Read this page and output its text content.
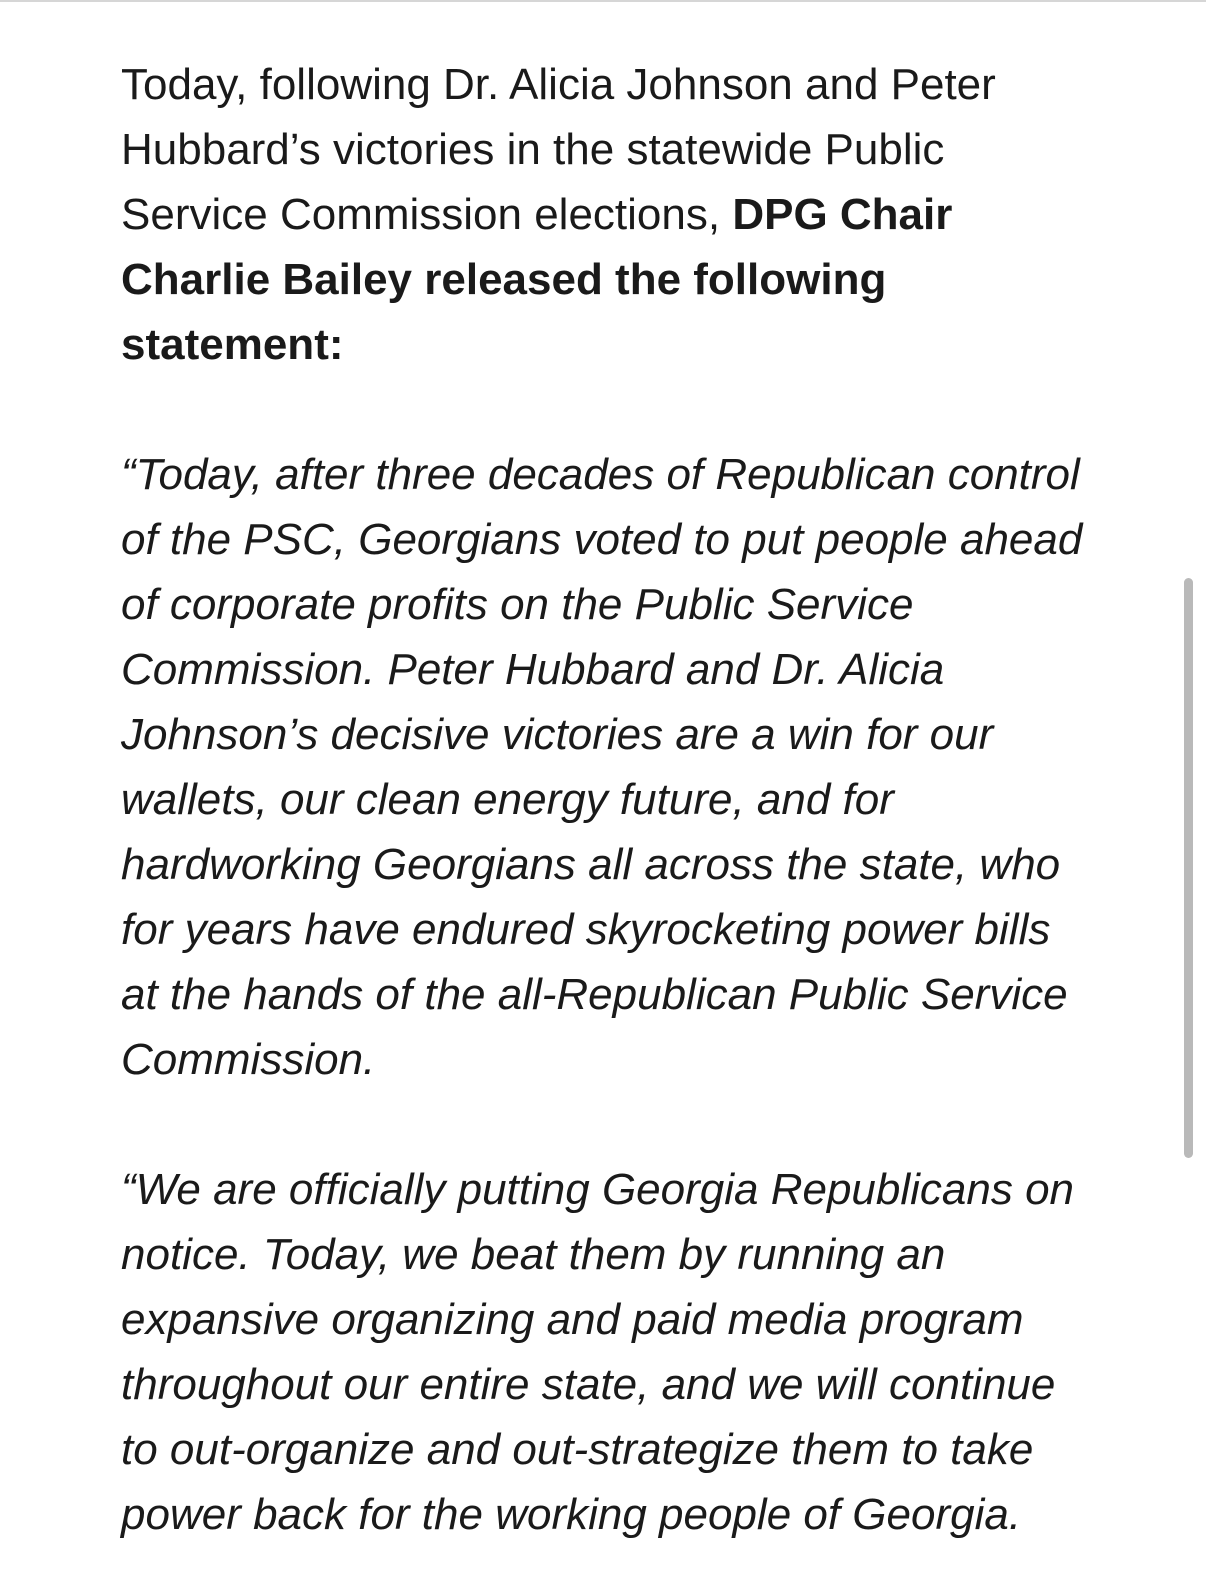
Today, following Dr. Alicia Johnson and Peter Hubbard’s victories in the statewide Public Service Commission elections, DPG Chair Charlie Bailey released the following statement:

“Today, after three decades of Republican control of the PSC, Georgians voted to put people ahead of corporate profits on the Public Service Commission. Peter Hubbard and Dr. Alicia Johnson’s decisive victories are a win for our wallets, our clean energy future, and for hardworking Georgians all across the state, who for years have endured skyrocketing power bills at the hands of the all-Republican Public Service Commission.

“We are officially putting Georgia Republicans on notice. Today, we beat them by running an expansive organizing and paid media program throughout our entire state, and we will continue to out-organize and out-strategize them to take power back for the working people of Georgia.
